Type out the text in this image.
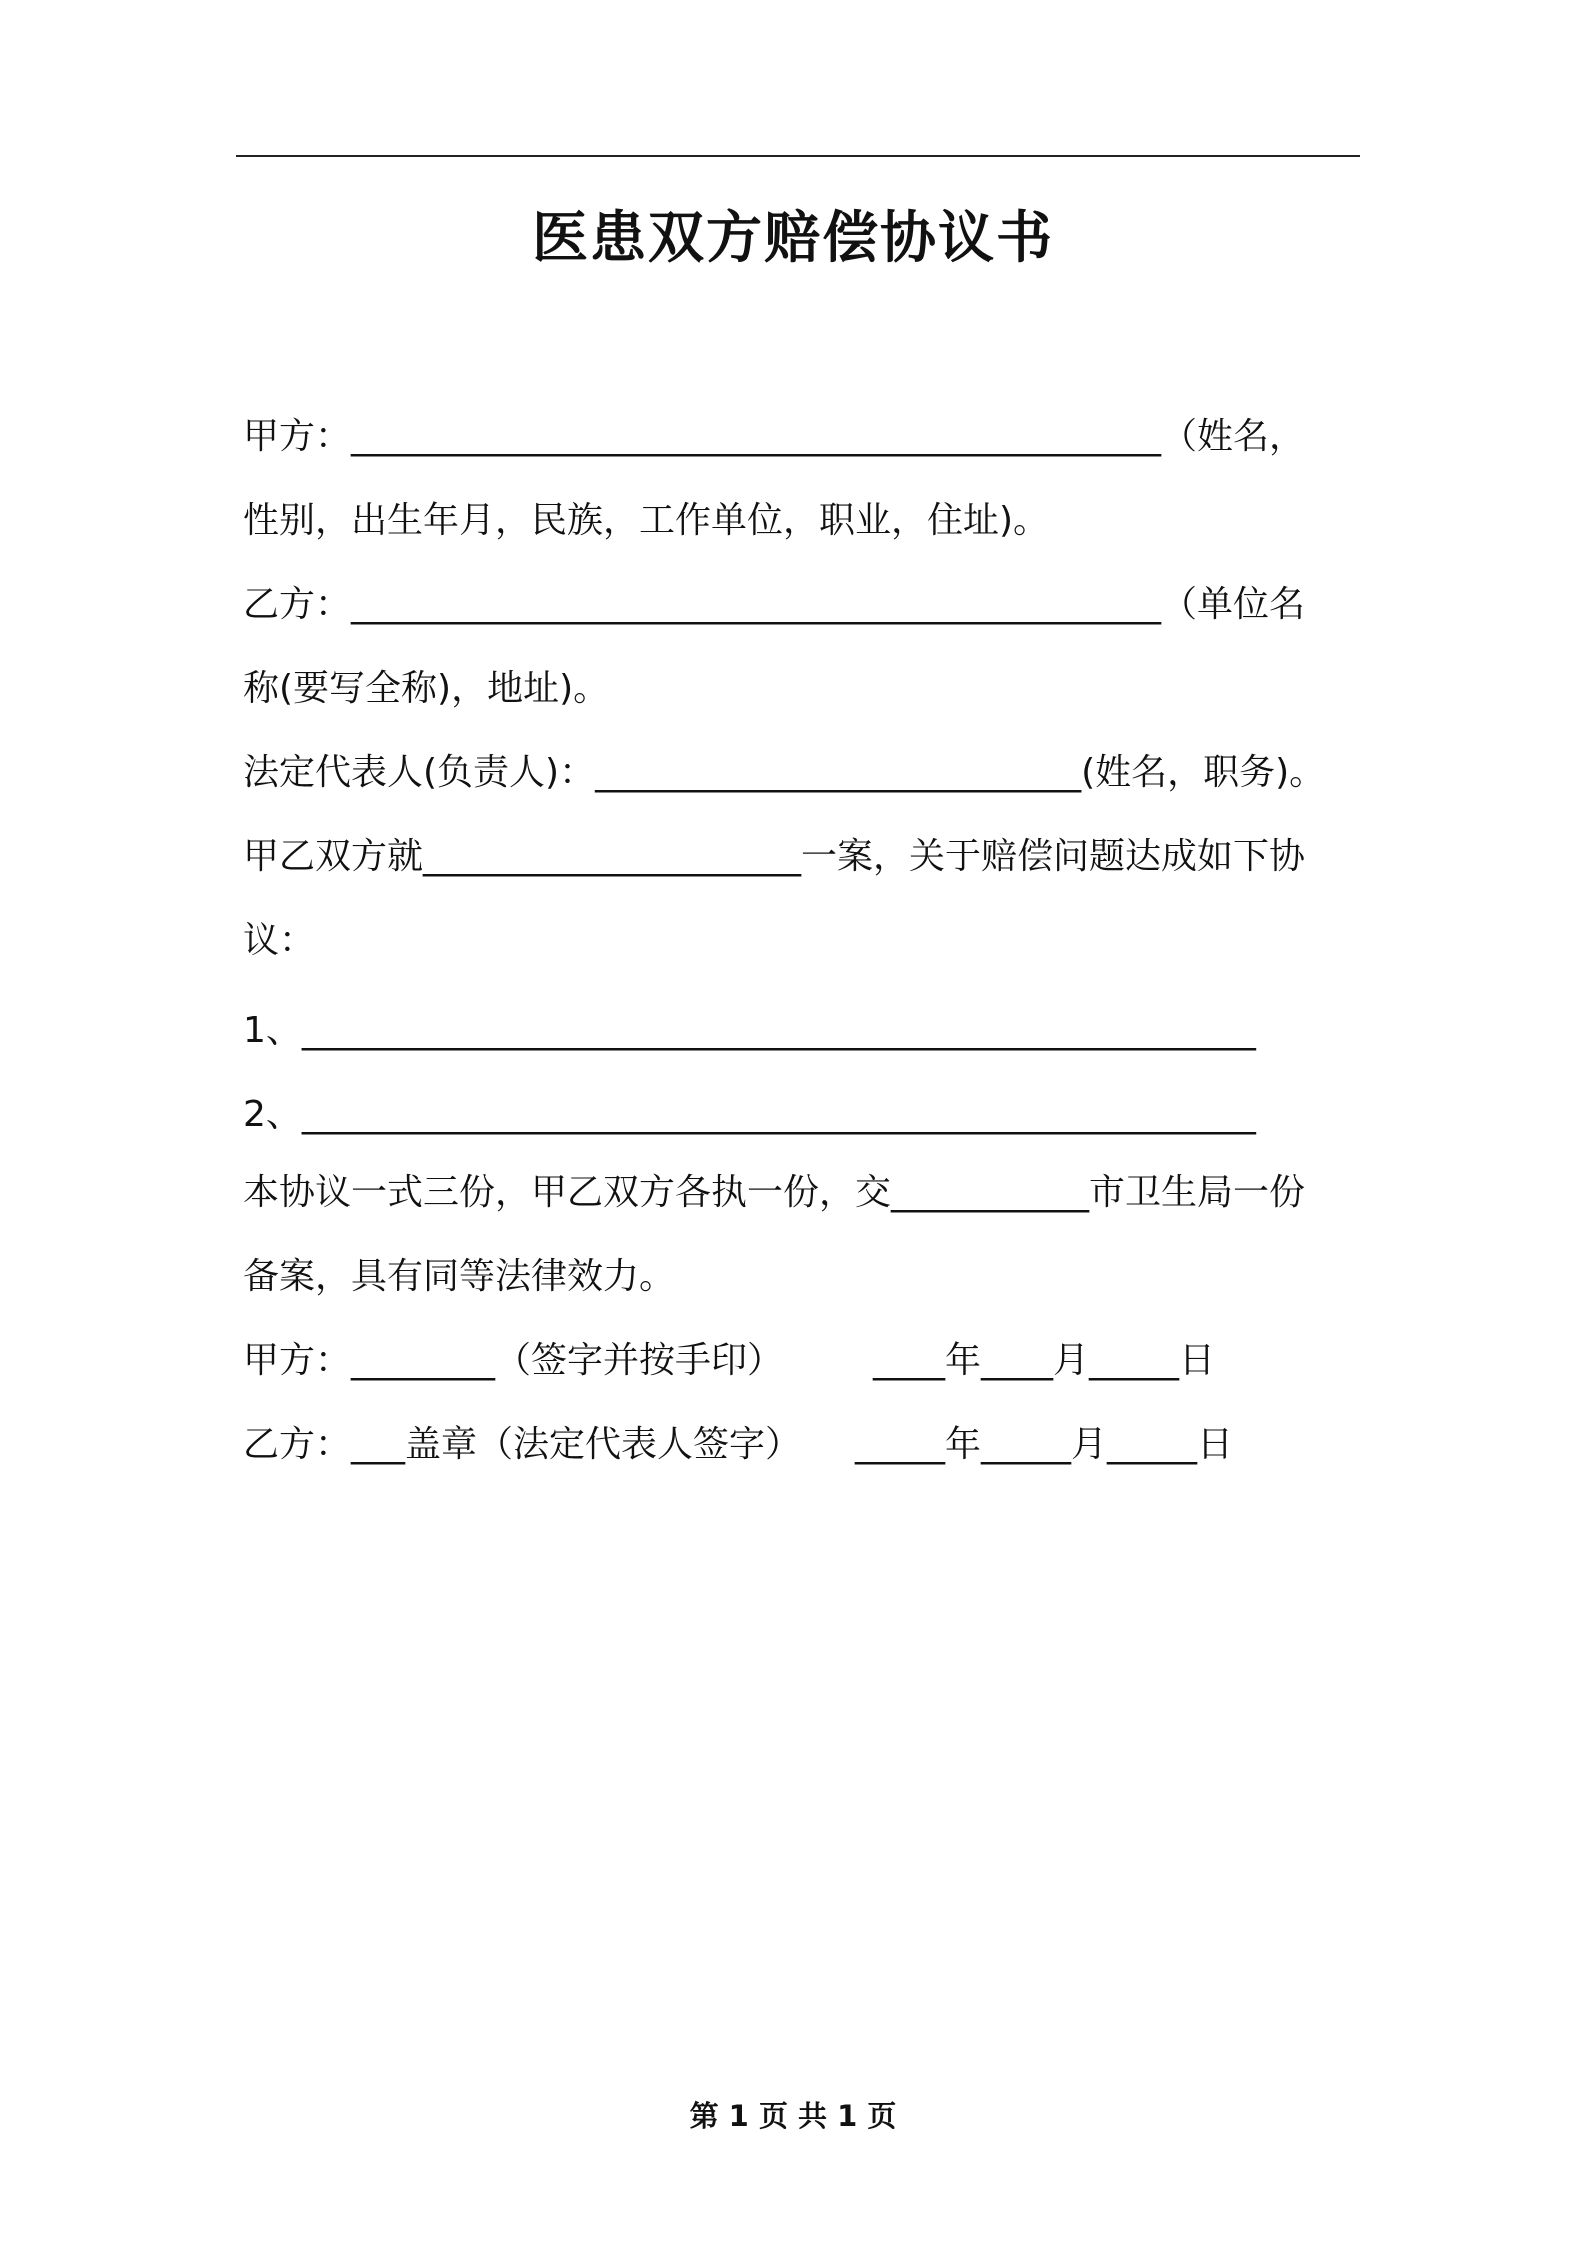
医患双方赔偿协议书
甲方：_____________________________________________（姓名，
性别，出生年月，民族，工作单位，职业，住址)。
乙方：_____________________________________________（单位名
称(要写全称)，地址)。
法定代表人(负责人)：___________________________(姓名，职务)。
甲乙双方就_____________________一案，关于赔偿问题达成如下协
议：
1、_____________________________________________________
2、_____________________________________________________
本协议一式三份，甲乙双方各执一份，交___________市卫生局一份
备案，具有同等法律效力。
甲方：________（签字并按手印）　　　____年____月_____日
乙方：___盖章（法定代表人签字）　　_____年_____月_____日
第 1 页 共 1 页
